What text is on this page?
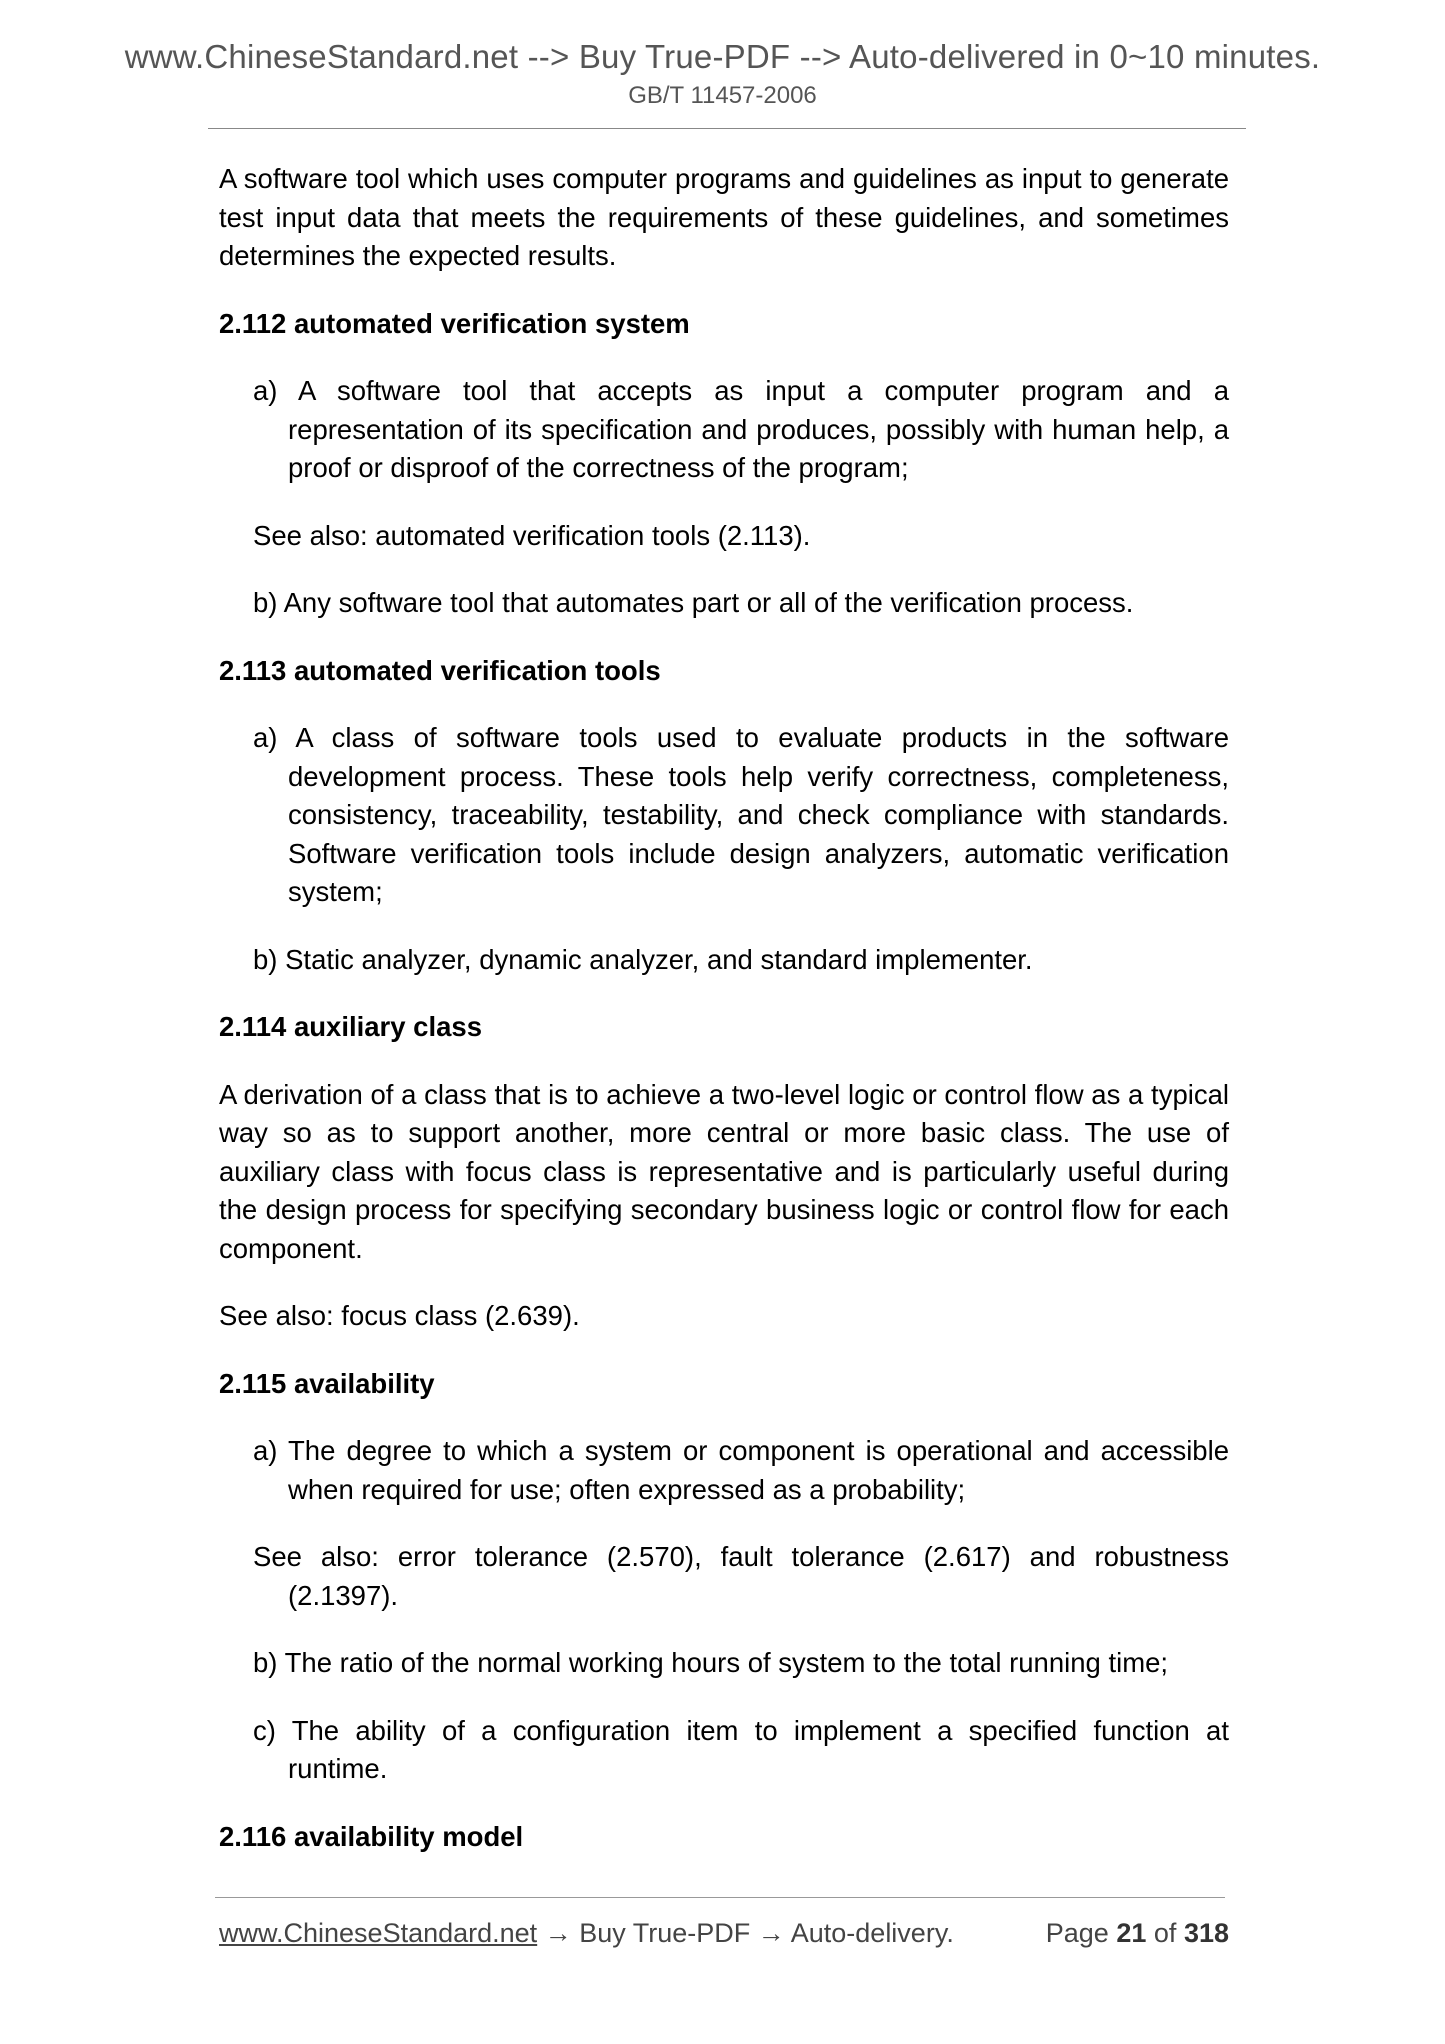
www.ChineseStandard.net --> Buy True-PDF --> Auto-delivered in 0~10 minutes.
GB/T 11457-2006

A software tool which uses computer programs and guidelines as input to generate test input data that meets the requirements of these guidelines, and sometimes determines the expected results.

2.112 automated verification system

a) A software tool that accepts as input a computer program and a representation of its specification and produces, possibly with human help, a proof or disproof of the correctness of the program;

See also: automated verification tools (2.113).

b) Any software tool that automates part or all of the verification process.

2.113 automated verification tools

a) A class of software tools used to evaluate products in the software development process. These tools help verify correctness, completeness, consistency, traceability, testability, and check compliance with standards. Software verification tools include design analyzers, automatic verification system;

b) Static analyzer, dynamic analyzer, and standard implementer.

2.114 auxiliary class

A derivation of a class that is to achieve a two-level logic or control flow as a typical way so as to support another, more central or more basic class. The use of auxiliary class with focus class is representative and is particularly useful during the design process for specifying secondary business logic or control flow for each component.

See also: focus class (2.639).

2.115 availability

a) The degree to which a system or component is operational and accessible when required for use; often expressed as a probability;

See also: error tolerance (2.570), fault tolerance (2.617) and robustness (2.1397).

b) The ratio of the normal working hours of system to the total running time;

c) The ability of a configuration item to implement a specified function at runtime.

2.116 availability model

www.ChineseStandard.net → Buy True-PDF → Auto-delivery.	Page 21 of 318
